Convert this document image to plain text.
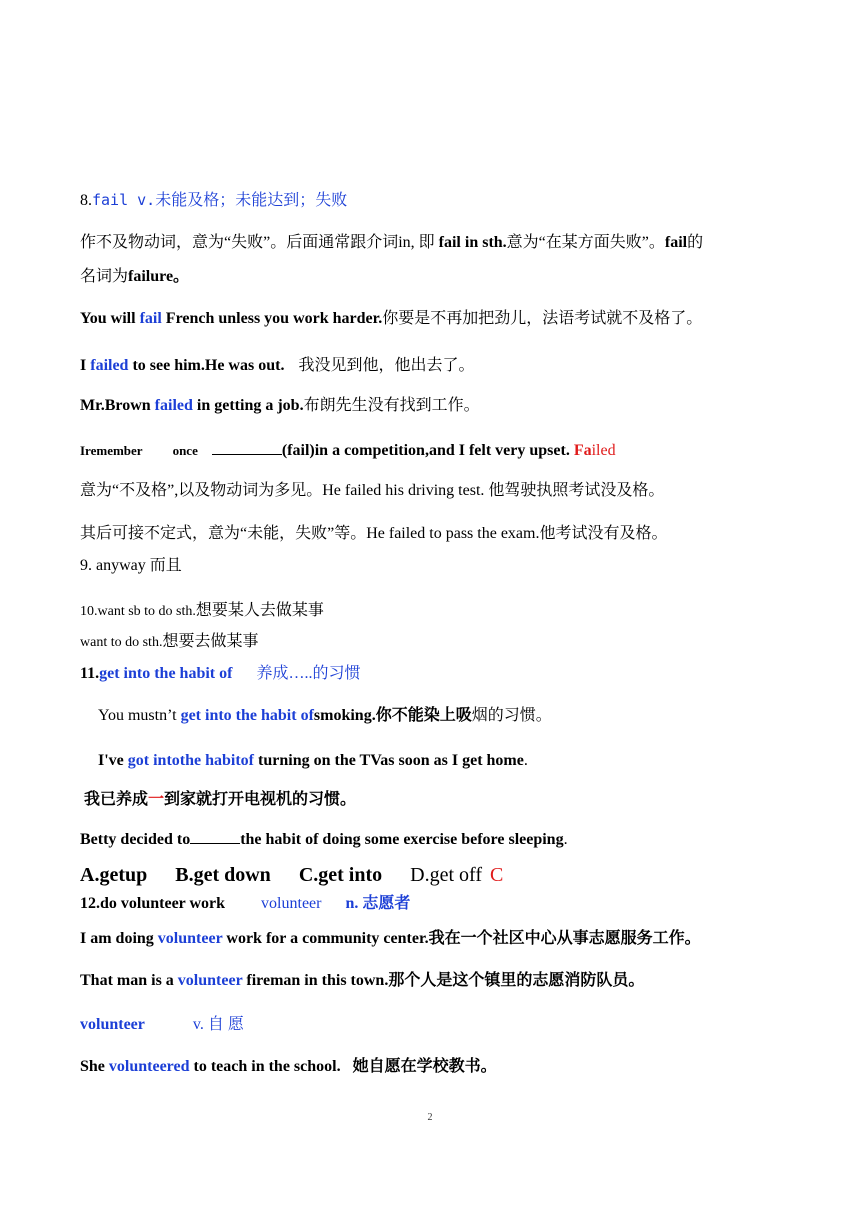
8.fail v.未能及格；未能达到；失败
作不及物动词，意为“失败”。后面通常跟介词in, 即 fail in sth.意为“在某方面失败”。fail的
名词为failure。
You will fail French unless you work harder.你要是不再加把劲儿，法语考试就不及格了。
I failed to see him.He was out. 我没见到他，他出去了。
Mr.Brown failed in getting a job.布朗先生没有找到工作。
Iremember once	(fail)in a competition,and I felt very upset. Failed
意为“不及格”,以及物动词为多见。He failed his driving test. 他驾驶执照考试没及格。
其后可接不定式，意为“未能，失败”等。He failed to pass the exam.他考试没有及格。
9. anyway 而且
10.want sb to do sth.想要某人去做某事
want to do sth.想要去做某事
11.get into the habit of 养成…..的习惯
You mustn’t get into the habit ofsmoking.你不能染上吸烟的习惯。
I've got intothe habitof turning on the TVas soon as I get home.
我已养成一到家就打开电视机的习惯。
Betty decided to	the habit of doing some exercise before sleeping.
A.getup B.get down C.get into D.get off C
12.do volunteer work volunteer n. 志愿者
I am doing volunteer work for a community center.我在一个社区中心从事志愿服务工作。
That man is a volunteer fireman in this town.那个人是这个镇里的志愿消防队员。
volunteer	v. 自 愿
She volunteered to teach in the school. 她自愿在学校教书。
2
